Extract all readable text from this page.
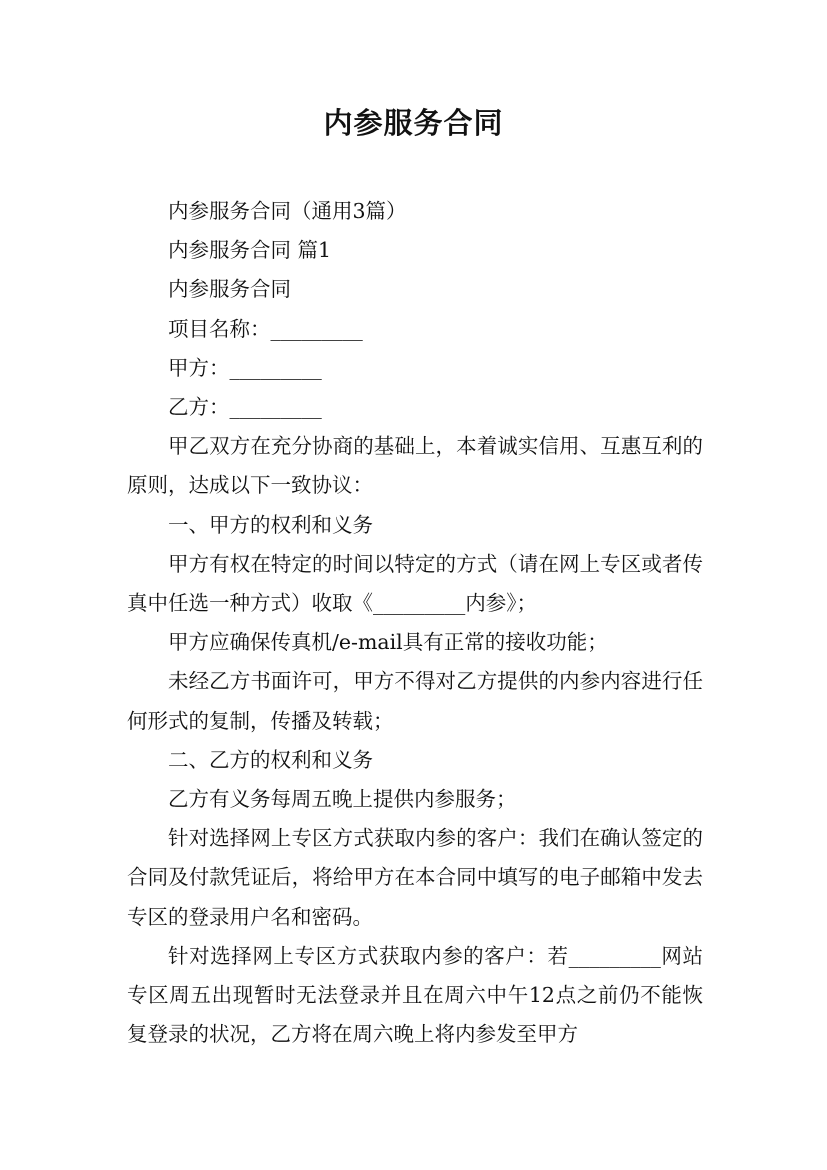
内参服务合同

内参服务合同（通用3篇）

内参服务合同 篇1

内参服务合同

项目名称：_________

甲方：_________

乙方：_________

甲乙双方在充分协商的基础上，本着诚实信用、互惠互利的原则，达成以下一致协议：

一、甲方的权利和义务

甲方有权在特定的时间以特定的方式（请在网上专区或者传真中任选一种方式）收取《_________内参》；

甲方应确保传真机/e-mail具有正常的接收功能；

未经乙方书面许可，甲方不得对乙方提供的内参内容进行任何形式的复制，传播及转载；

二、乙方的权利和义务

乙方有义务每周五晚上提供内参服务；

针对选择网上专区方式获取内参的客户：我们在确认签定的合同及付款凭证后，将给甲方在本合同中填写的电子邮箱中发去专区的登录用户名和密码。

针对选择网上专区方式获取内参的客户：若_________网站专区周五出现暂时无法登录并且在周六中午12点之前仍不能恢复登录的状况，乙方将在周六晚上将内参发至甲方
